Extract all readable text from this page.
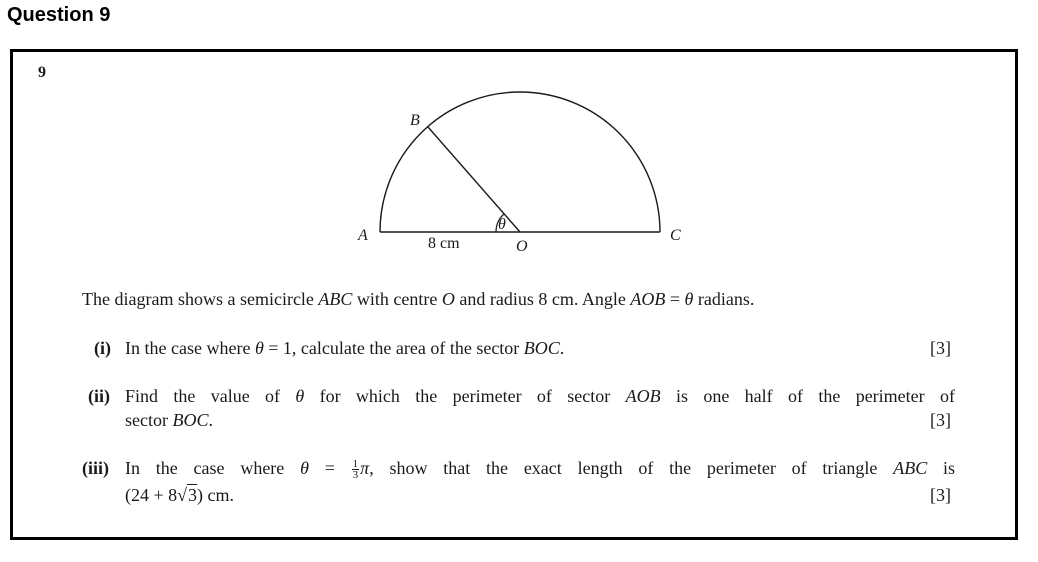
Question 9
9
θ
B
A	C
O
8 cm
The diagram shows a semicircle ABC with centre O and radius 8 cm. Angle AOB = θ radians.
(i) In the case where θ = 1, calculate the area of the sector BOC.	[3]
(ii) Find the value of θ for which the perimeter of sector AOB is one half of the perimeter of
sector BOC.	[3]
(iii) In the case where $\theta = \frac{1}{3} \pi$, show that the exact length of the perimeter of triangle ABC is
(24 + 8√3) cm.	[3]
